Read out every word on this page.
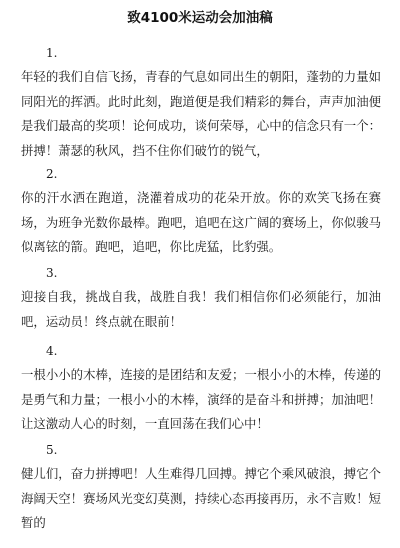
致4100米运动会加油稿
1.
年轻的我们自信飞扬，青春的气息如同出生的朝阳，蓬勃的力量如同阳光的挥洒。此时此刻，跑道便是我们精彩的舞台，声声加油便是我们最高的奖项！论何成功，谈何荣辱，心中的信念只有一个：拼搏！萧瑟的秋风，挡不住你们破竹的锐气，
2.
你的汗水洒在跑道，浇灌着成功的花朵开放。你的欢笑飞扬在赛场，为班争光数你最棒。跑吧，追吧在这广阔的赛场上，你似骏马似离铉的箭。跑吧，追吧，你比虎猛，比豹强。
3.
迎接自我，挑战自我，战胜自我！我们相信你们必须能行，加油吧，运动员！终点就在眼前！
4.
一根小小的木棒，连接的是团结和友爱；一根小小的木棒，传递的是勇气和力量；一根小小的木棒，演绎的是奋斗和拼搏；加油吧！让这激动人心的时刻，一直回荡在我们心中！
5.
健儿们，奋力拼搏吧！人生难得几回搏。搏它个乘风破浪，搏它个海阔天空！赛场风光变幻莫测，持续心态再接再历，永不言败！短暂的
